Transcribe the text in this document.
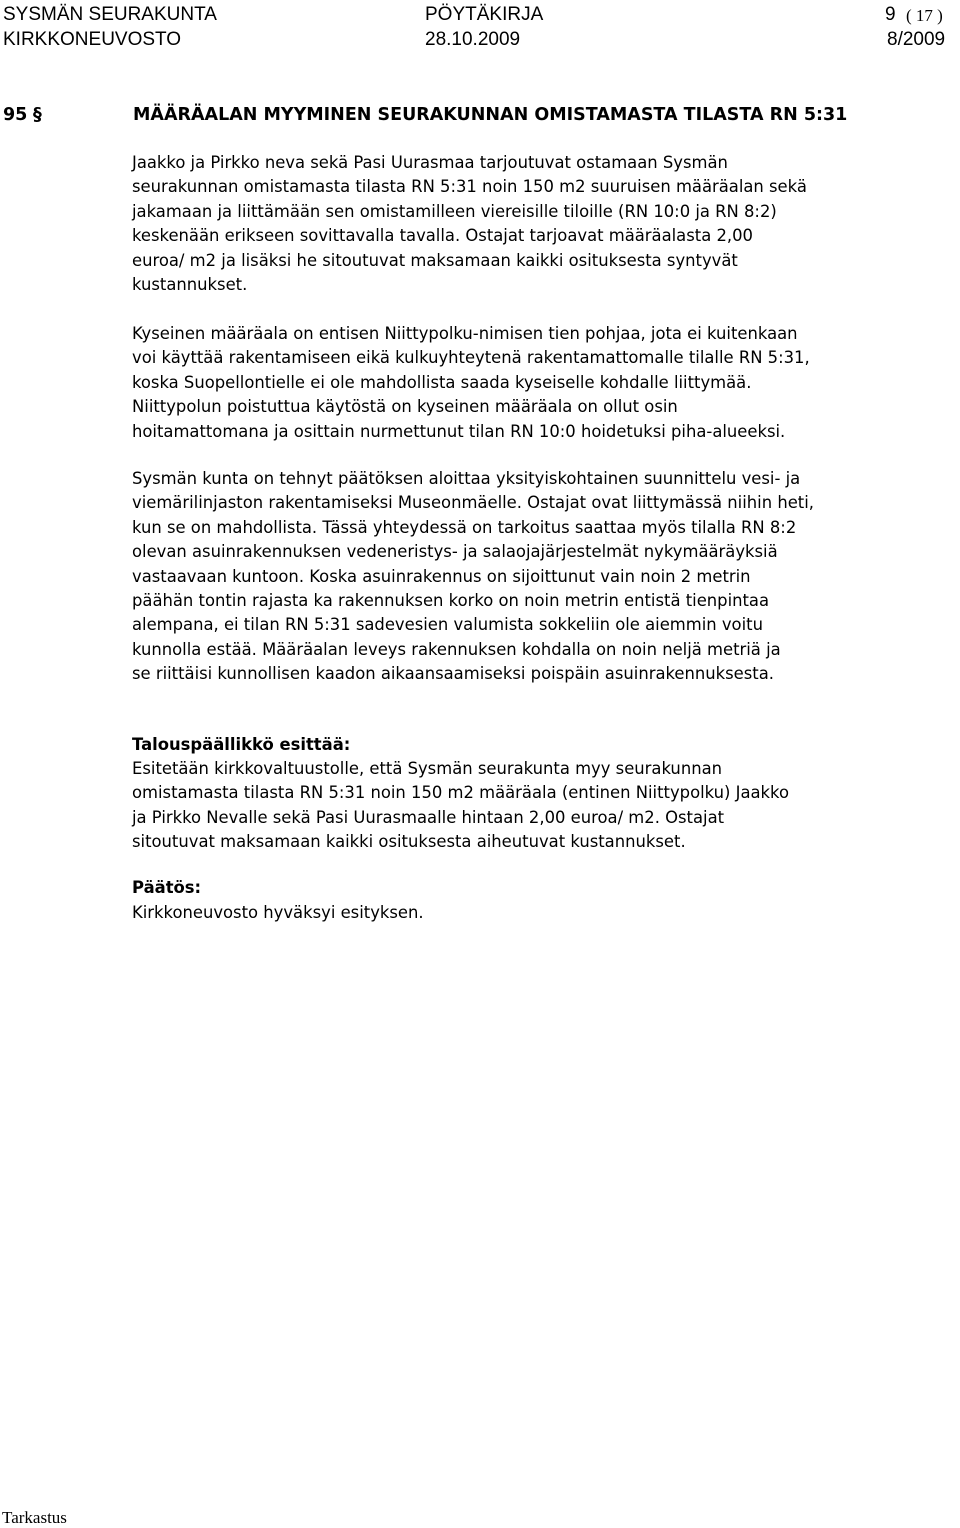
SYSMÄN SEURAKUNTA
KIRKKONEUVOSTO
PÖYTÄKIRJA
28.10.2009
9 ( 17 )
8/2009
95 §	MÄÄRÄALAN MYYMINEN SEURAKUNNAN OMISTAMASTA TILASTA RN 5:31
Jaakko ja Pirkko neva sekä Pasi Uurasmaa tarjoutuvat ostamaan Sysmän
seurakunnan omistamasta tilasta RN 5:31 noin 150 m2 suuruisen määräalan sekä
jakamaan ja liittämään sen omistamilleen viereisille tiloille (RN 10:0 ja RN 8:2)
keskenään erikseen sovittavalla tavalla. Ostajat tarjoavat määräalasta 2,00
euroa/ m2 ja lisäksi he sitoutuvat maksamaan kaikki osituksesta syntyvät
kustannukset.
Kyseinen määräala on entisen Niittypolku-nimisen tien pohjaa, jota ei kuitenkaan
voi käyttää rakentamiseen eikä kulkuyhteytenä rakentamattomalle tilalle RN 5:31,
koska Suopellontielle ei ole mahdollista saada kyseiselle kohdalle liittymää.
Niittypolun poistuttua käytöstä on kyseinen määräala on ollut osin
hoitamattomana ja osittain nurmettunut tilan RN 10:0 hoidetuksi piha-alueeksi.
Sysmän kunta on tehnyt päätöksen aloittaa yksityiskohtainen suunnittelu vesi- ja
viemärilinjaston rakentamiseksi Museonmäelle. Ostajat ovat liittymässä niihin heti,
kun se on mahdollista. Tässä yhteydessä on tarkoitus saattaa myös tilalla RN 8:2
olevan asuinrakennuksen vedeneristys- ja salaojajärjestelmät nykymääräyksiä
vastaavaan kuntoon. Koska asuinrakennus on sijoittunut vain noin 2 metrin
päähän tontin rajasta ka rakennuksen korko on noin metrin entistä tienpintaa
alempana, ei tilan RN 5:31 sadevesien valumista sokkeliin ole aiemmin voitu
kunnolla estää. Määräalan leveys rakennuksen kohdalla on noin neljä metriä ja
se riittäisi kunnollisen kaadon aikaansaamiseksi poispäin asuinrakennuksesta.
Talouspäällikkö esittää:
Esitetään kirkkovaltuustolle, että Sysmän seurakunta myy seurakunnan
omistamasta tilasta RN 5:31 noin 150 m2 määräala (entinen Niittypolku) Jaakko
ja Pirkko Nevalle sekä Pasi Uurasmaalle hintaan 2,00 euroa/ m2. Ostajat
sitoutuvat maksamaan kaikki osituksesta aiheutuvat kustannukset.
Päätös:
Kirkkoneuvosto hyväksyi esityksen.
Tarkastus
